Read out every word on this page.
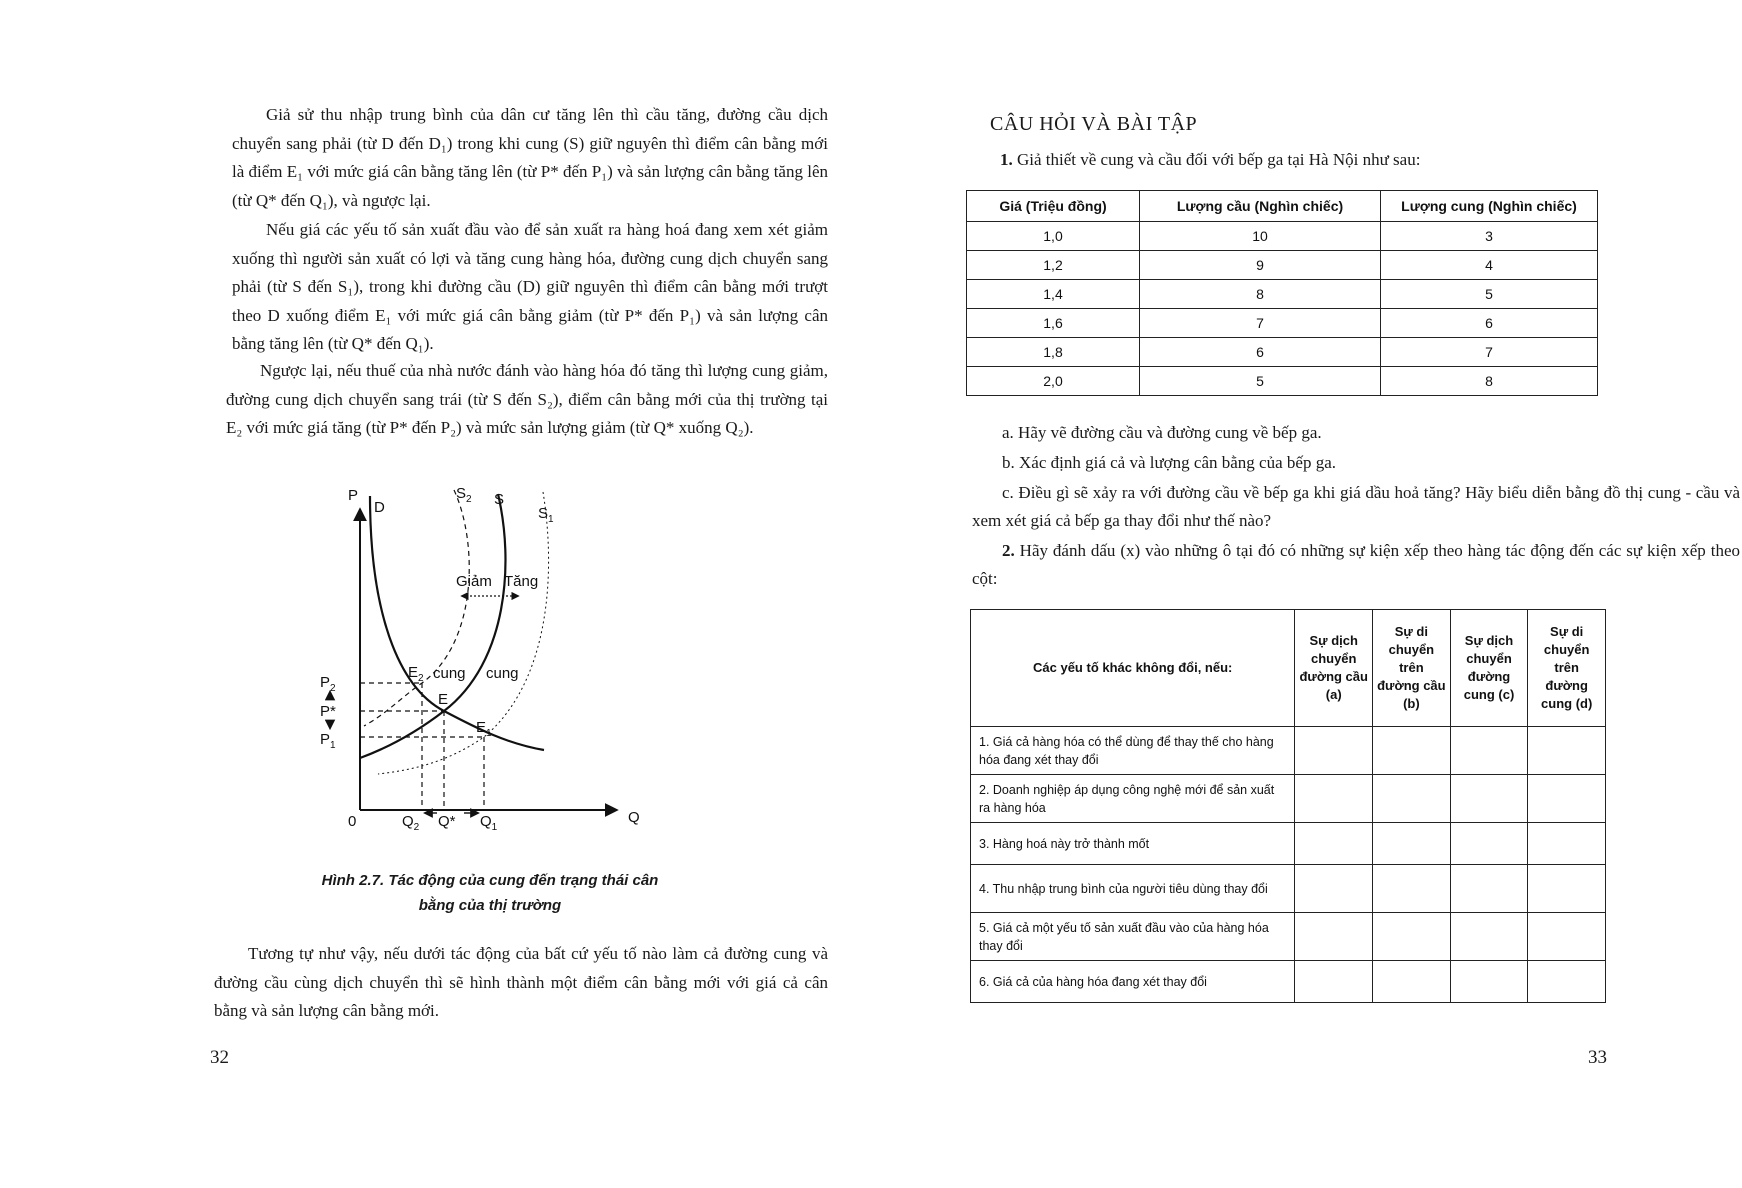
Giả sử thu nhập trung bình của dân cư tăng lên thì cầu tăng, đường cầu dịch chuyển sang phải (từ D đến D₁) trong khi cung (S) giữ nguyên thì điểm cân bằng mới là điểm E₁ với mức giá cân bằng tăng lên (từ P* đến P₁) và sản lượng cân bằng tăng lên (từ Q* đến Q₁), và ngược lại.

Nếu giá các yếu tố sản xuất đầu vào để sản xuất ra hàng hoá đang xem xét giảm xuống thì người sản xuất có lợi và tăng cung hàng hóa, đường cung dịch chuyển sang phải (từ S đến S₁), trong khi đường cầu (D) giữ nguyên thì điểm cân bằng mới trượt theo D xuống điểm E₁ với mức giá cân bằng giảm (từ P* đến P₁) và sản lượng cân bằng tăng lên (từ Q* đến Q₁).

Ngược lại, nếu thuế của nhà nước đánh vào hàng hóa đó tăng thì lượng cung giảm, đường cung dịch chuyển sang trái (từ S đến S₂), điểm cân bằng mới của thị trường tại E₂ với mức giá tăng (từ P* đến P₂) và mức sản lượng giảm (từ Q* xuống Q₂).

P
Q
0
D	S
$S_1$
$S_2$
E
$E_1$
$E_2$
Giảm Tăng
cung cung
$P_2$
P*
$P_1$
$Q_2$ Q* $Q_1$

Hình 2.7. Tác động của cung đến trạng thái cân
bằng của thị trường

Tương tự như vậy, nếu dưới tác động của bất cứ yếu tố nào làm cả đường cung và đường cầu cùng dịch chuyển thì sẽ hình thành một điểm cân bằng mới với giá cả cân bằng và sản lượng cân bằng mới.

32
CÂU HỎI VÀ BÀI TẬP

1. Giả thiết về cung và cầu đối với bếp ga tại Hà Nội như sau:

Giá (Triệu đồng)	Lượng cầu (Nghìn chiếc)	Lượng cung (Nghìn chiếc)
1,0	10	3
1,2	9	4
1,4	8	5
1,6	7	6
1,8	6	7
2,0	5	8

a. Hãy vẽ đường cầu và đường cung về bếp ga.

b. Xác định giá cả và lượng cân bằng của bếp ga.

c. Điều gì sẽ xảy ra với đường cầu về bếp ga khi giá dầu hoả tăng? Hãy biểu diễn bằng đồ thị cung - cầu và xem xét giá cả bếp ga thay đổi như thế nào?

2. Hãy đánh dấu (x) vào những ô tại đó có những sự kiện xếp theo hàng tác động đến các sự kiện xếp theo cột:

Các yếu tố khác không đổi, nếu:	Sự dịch chuyển đường cầu (a)	Sự di chuyển trên đường cầu (b)	Sự dịch chuyển đường cung (c)	Sự di chuyển trên đường cung (d)
1. Giá cả hàng hóa có thể dùng để thay thế cho hàng hóa đang xét thay đổi				
2. Doanh nghiệp áp dụng công nghệ mới để sản xuất ra hàng hóa				
3. Hàng hoá này trở thành mốt				
4. Thu nhập trung bình của người tiêu dùng thay đổi				
5. Giá cả một yếu tố sản xuất đầu vào của hàng hóa thay đổi				
6. Giá cả của hàng hóa đang xét thay đổi				
33
